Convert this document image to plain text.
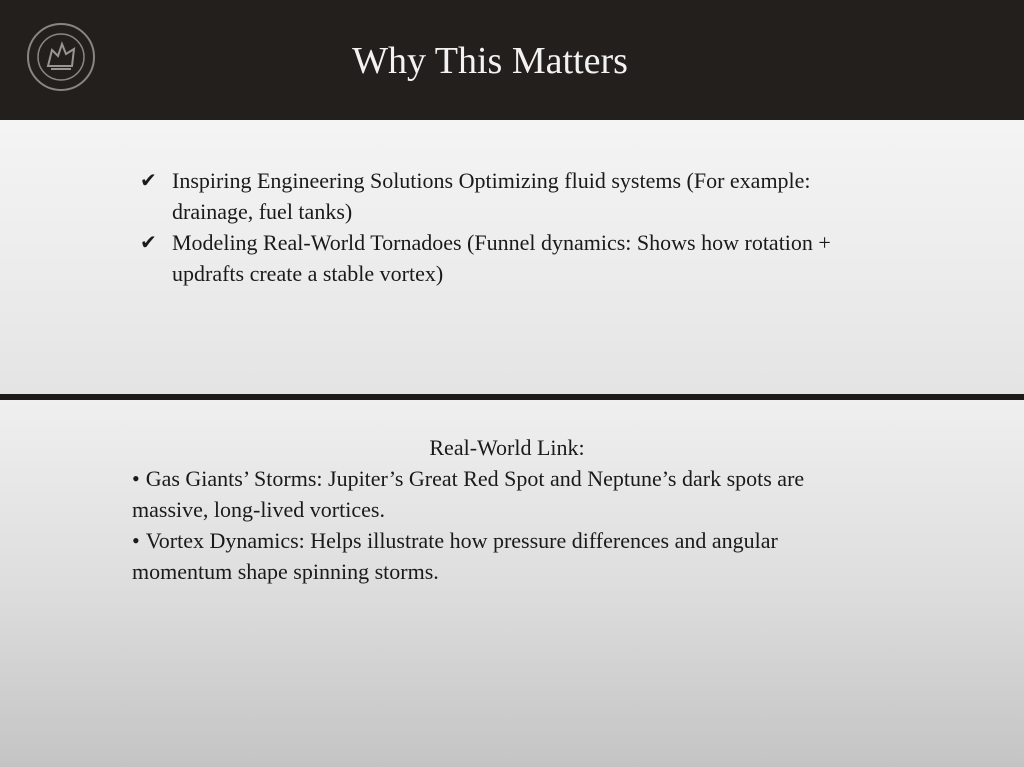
Why This Matters
✔ Inspiring Engineering Solutions Optimizing fluid systems (For example: drainage, fuel tanks)
✔ Modeling Real-World Tornadoes (Funnel dynamics: Shows how rotation + updrafts create a stable vortex)
Real-World Link:
• Gas Giants’ Storms: Jupiter’s Great Red Spot and Neptune’s dark spots are massive, long-lived vortices.
• Vortex Dynamics: Helps illustrate how pressure differences and angular momentum shape spinning storms.
